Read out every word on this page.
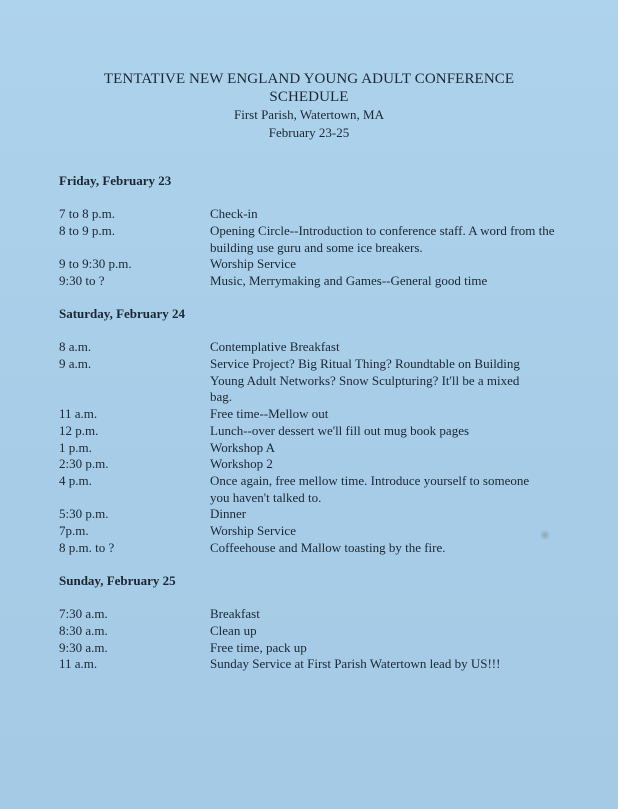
TENTATIVE NEW ENGLAND YOUNG ADULT CONFERENCE
SCHEDULE
First Parish, Watertown, MA
February 23-25
Friday, February 23
7 to 8 p.m.	Check-in
8 to 9 p.m.	Opening Circle--Introduction to conference staff. A word from the building use guru and some ice breakers.
9 to 9:30 p.m.	Worship Service
9:30 to ?	Music, Merrymaking and Games--General good time
Saturday, February 24
8 a.m.	Contemplative Breakfast
9 a.m.	Service Project? Big Ritual Thing? Roundtable on Building Young Adult Networks? Snow Sculpturing? It'll be a mixed bag.
11 a.m.	Free time--Mellow out
12 p.m.	Lunch--over dessert we'll fill out mug book pages
1 p.m.	Workshop A
2:30 p.m.	Workshop 2
4 p.m.	Once again, free mellow time. Introduce yourself to someone you haven't talked to.
5:30 p.m.	Dinner
7p.m.	Worship Service
8 p.m. to ?	Coffeehouse and Mallow toasting by the fire.
Sunday, February 25
7:30 a.m.	Breakfast
8:30 a.m.	Clean up
9:30 a.m.	Free time, pack up
11 a.m.	Sunday Service at First Parish Watertown lead by US!!!
